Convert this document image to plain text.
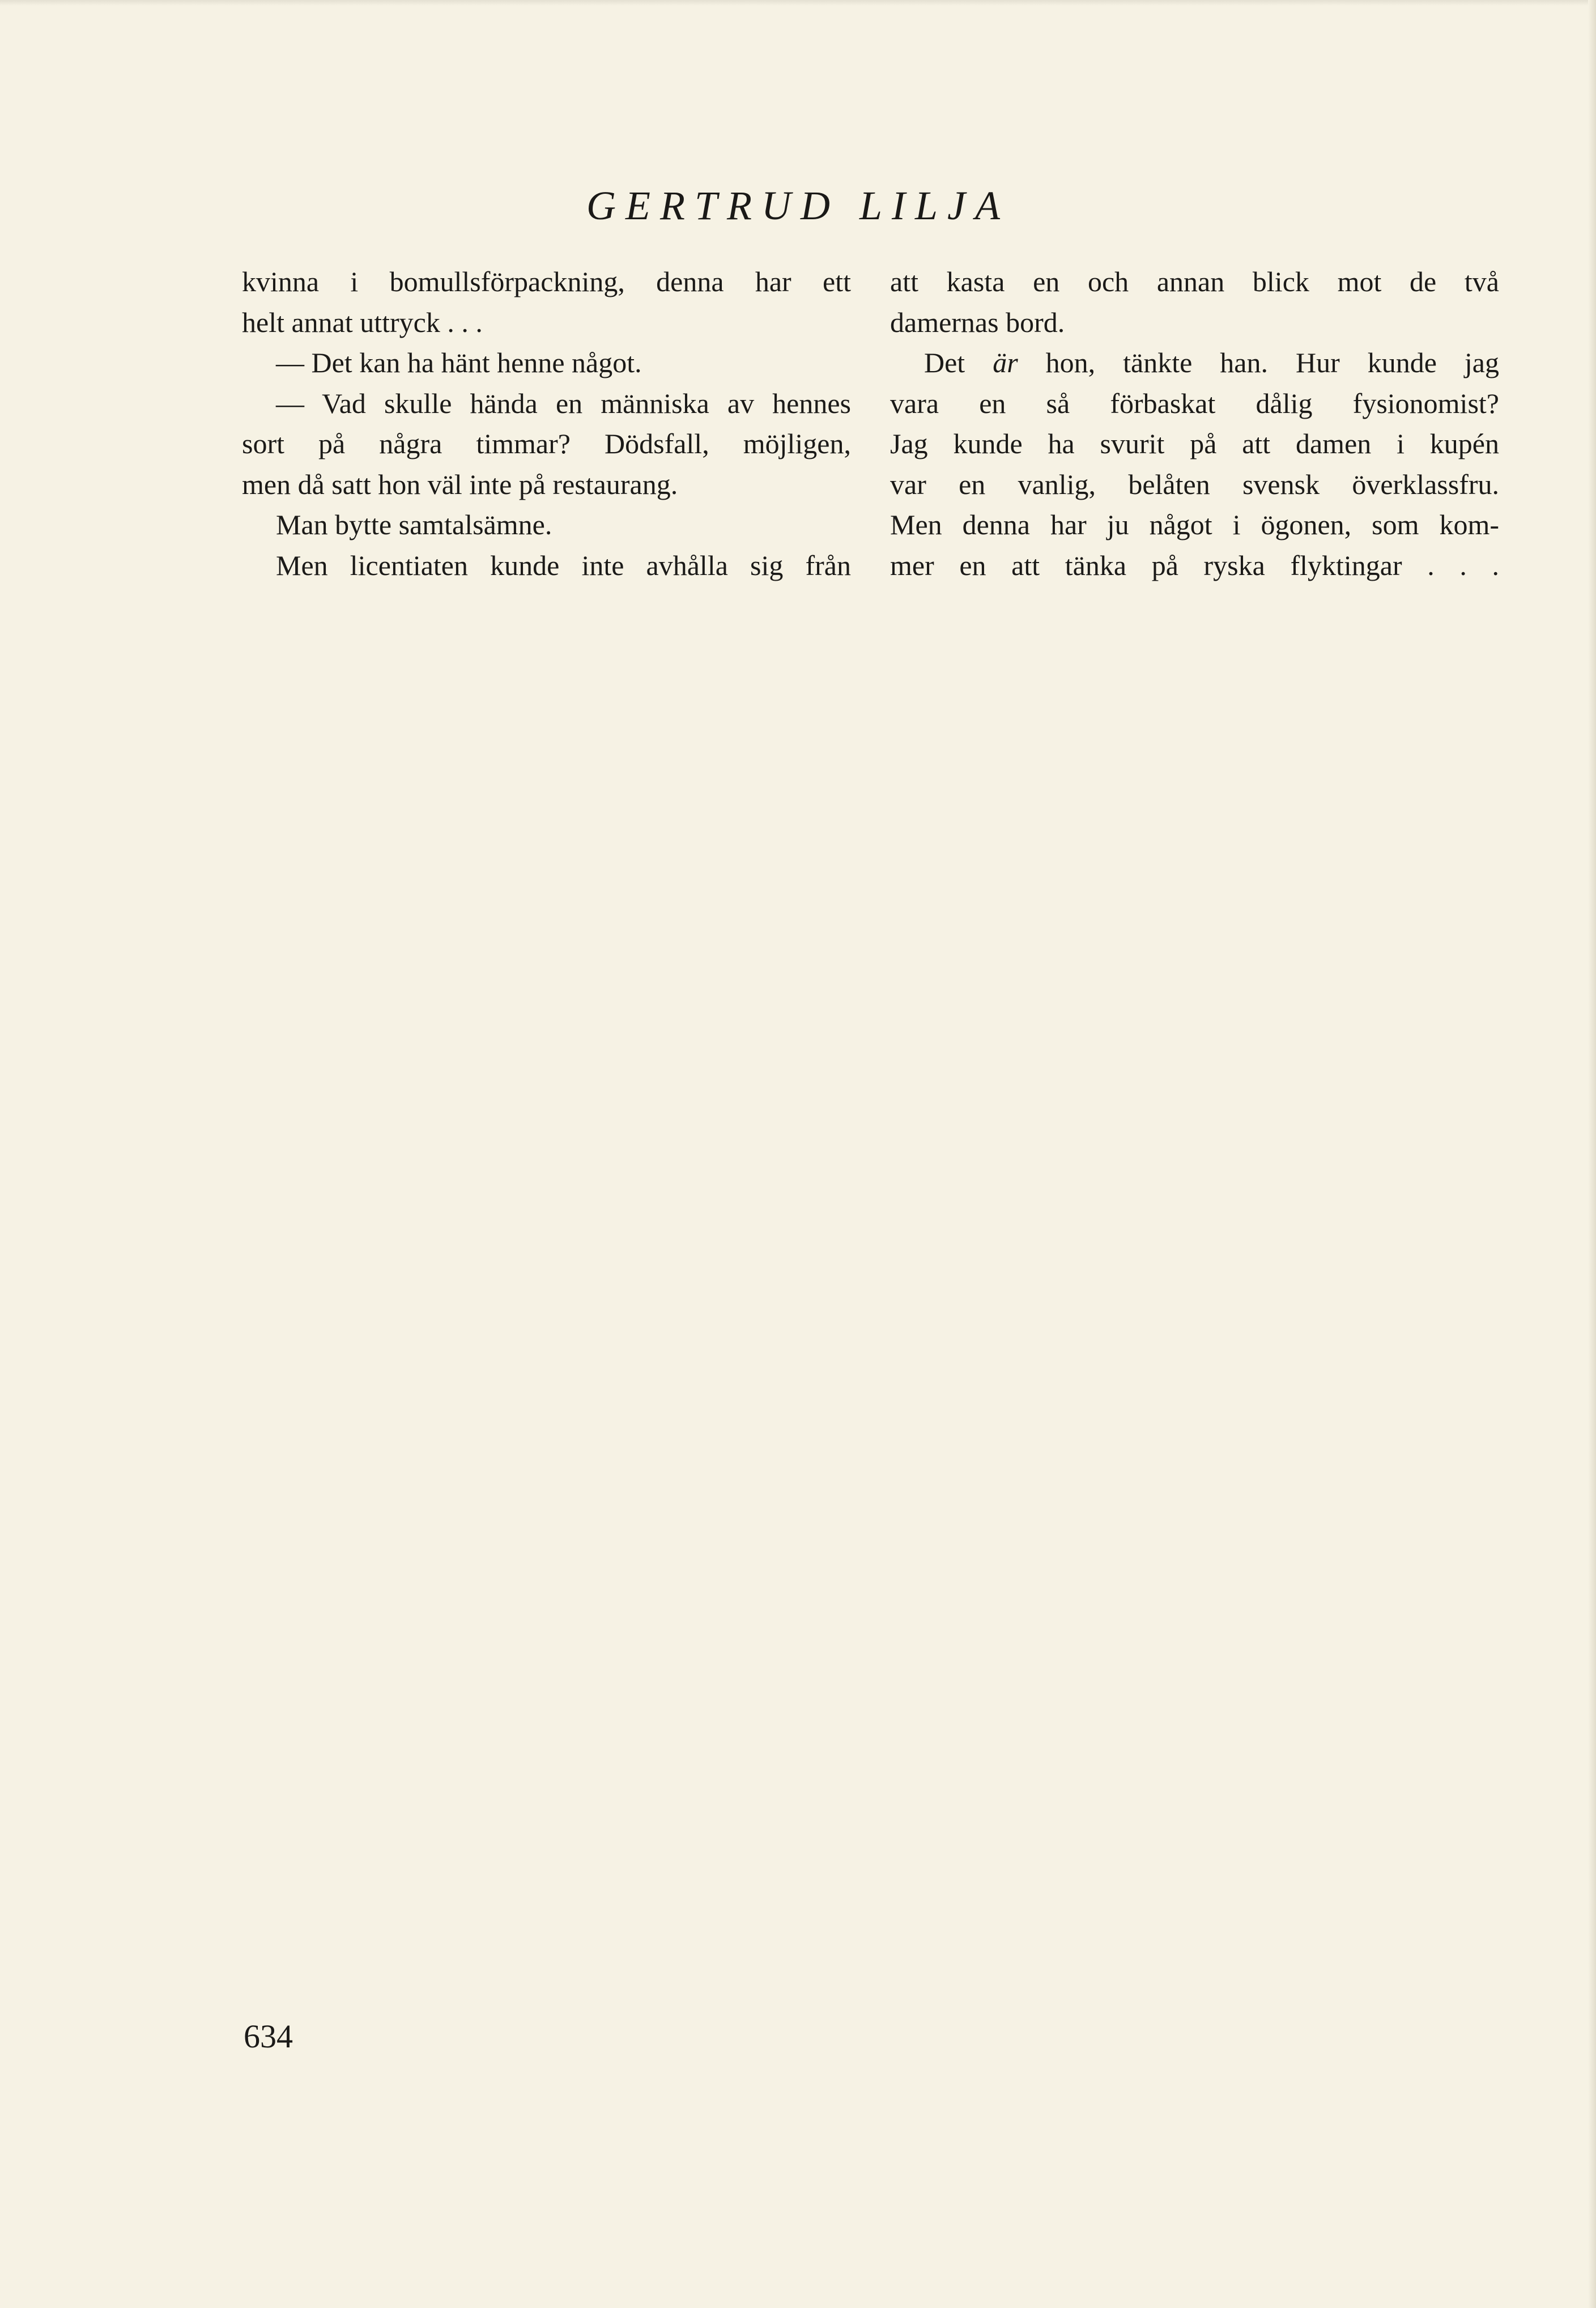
GERTRUD LILJA
kvinna i bomullsförpackning, denna har ett
helt annat uttryck . . .
— Det kan ha hänt henne något.
— Vad skulle hända en människa av hennes
sort på några timmar? Dödsfall, möjligen,
men då satt hon väl inte på restaurang.
Man bytte samtalsämne.
Men licentiaten kunde inte avhålla sig från
att kasta en och annan blick mot de två
damernas bord.
Det är hon, tänkte han. Hur kunde jag
vara en så förbaskat dålig fysionomist?
Jag kunde ha svurit på att damen i kupén
var en vanlig, belåten svensk överklassfru.
Men denna har ju något i ögonen, som kom-
mer en att tänka på ryska flyktingar . . .
634
